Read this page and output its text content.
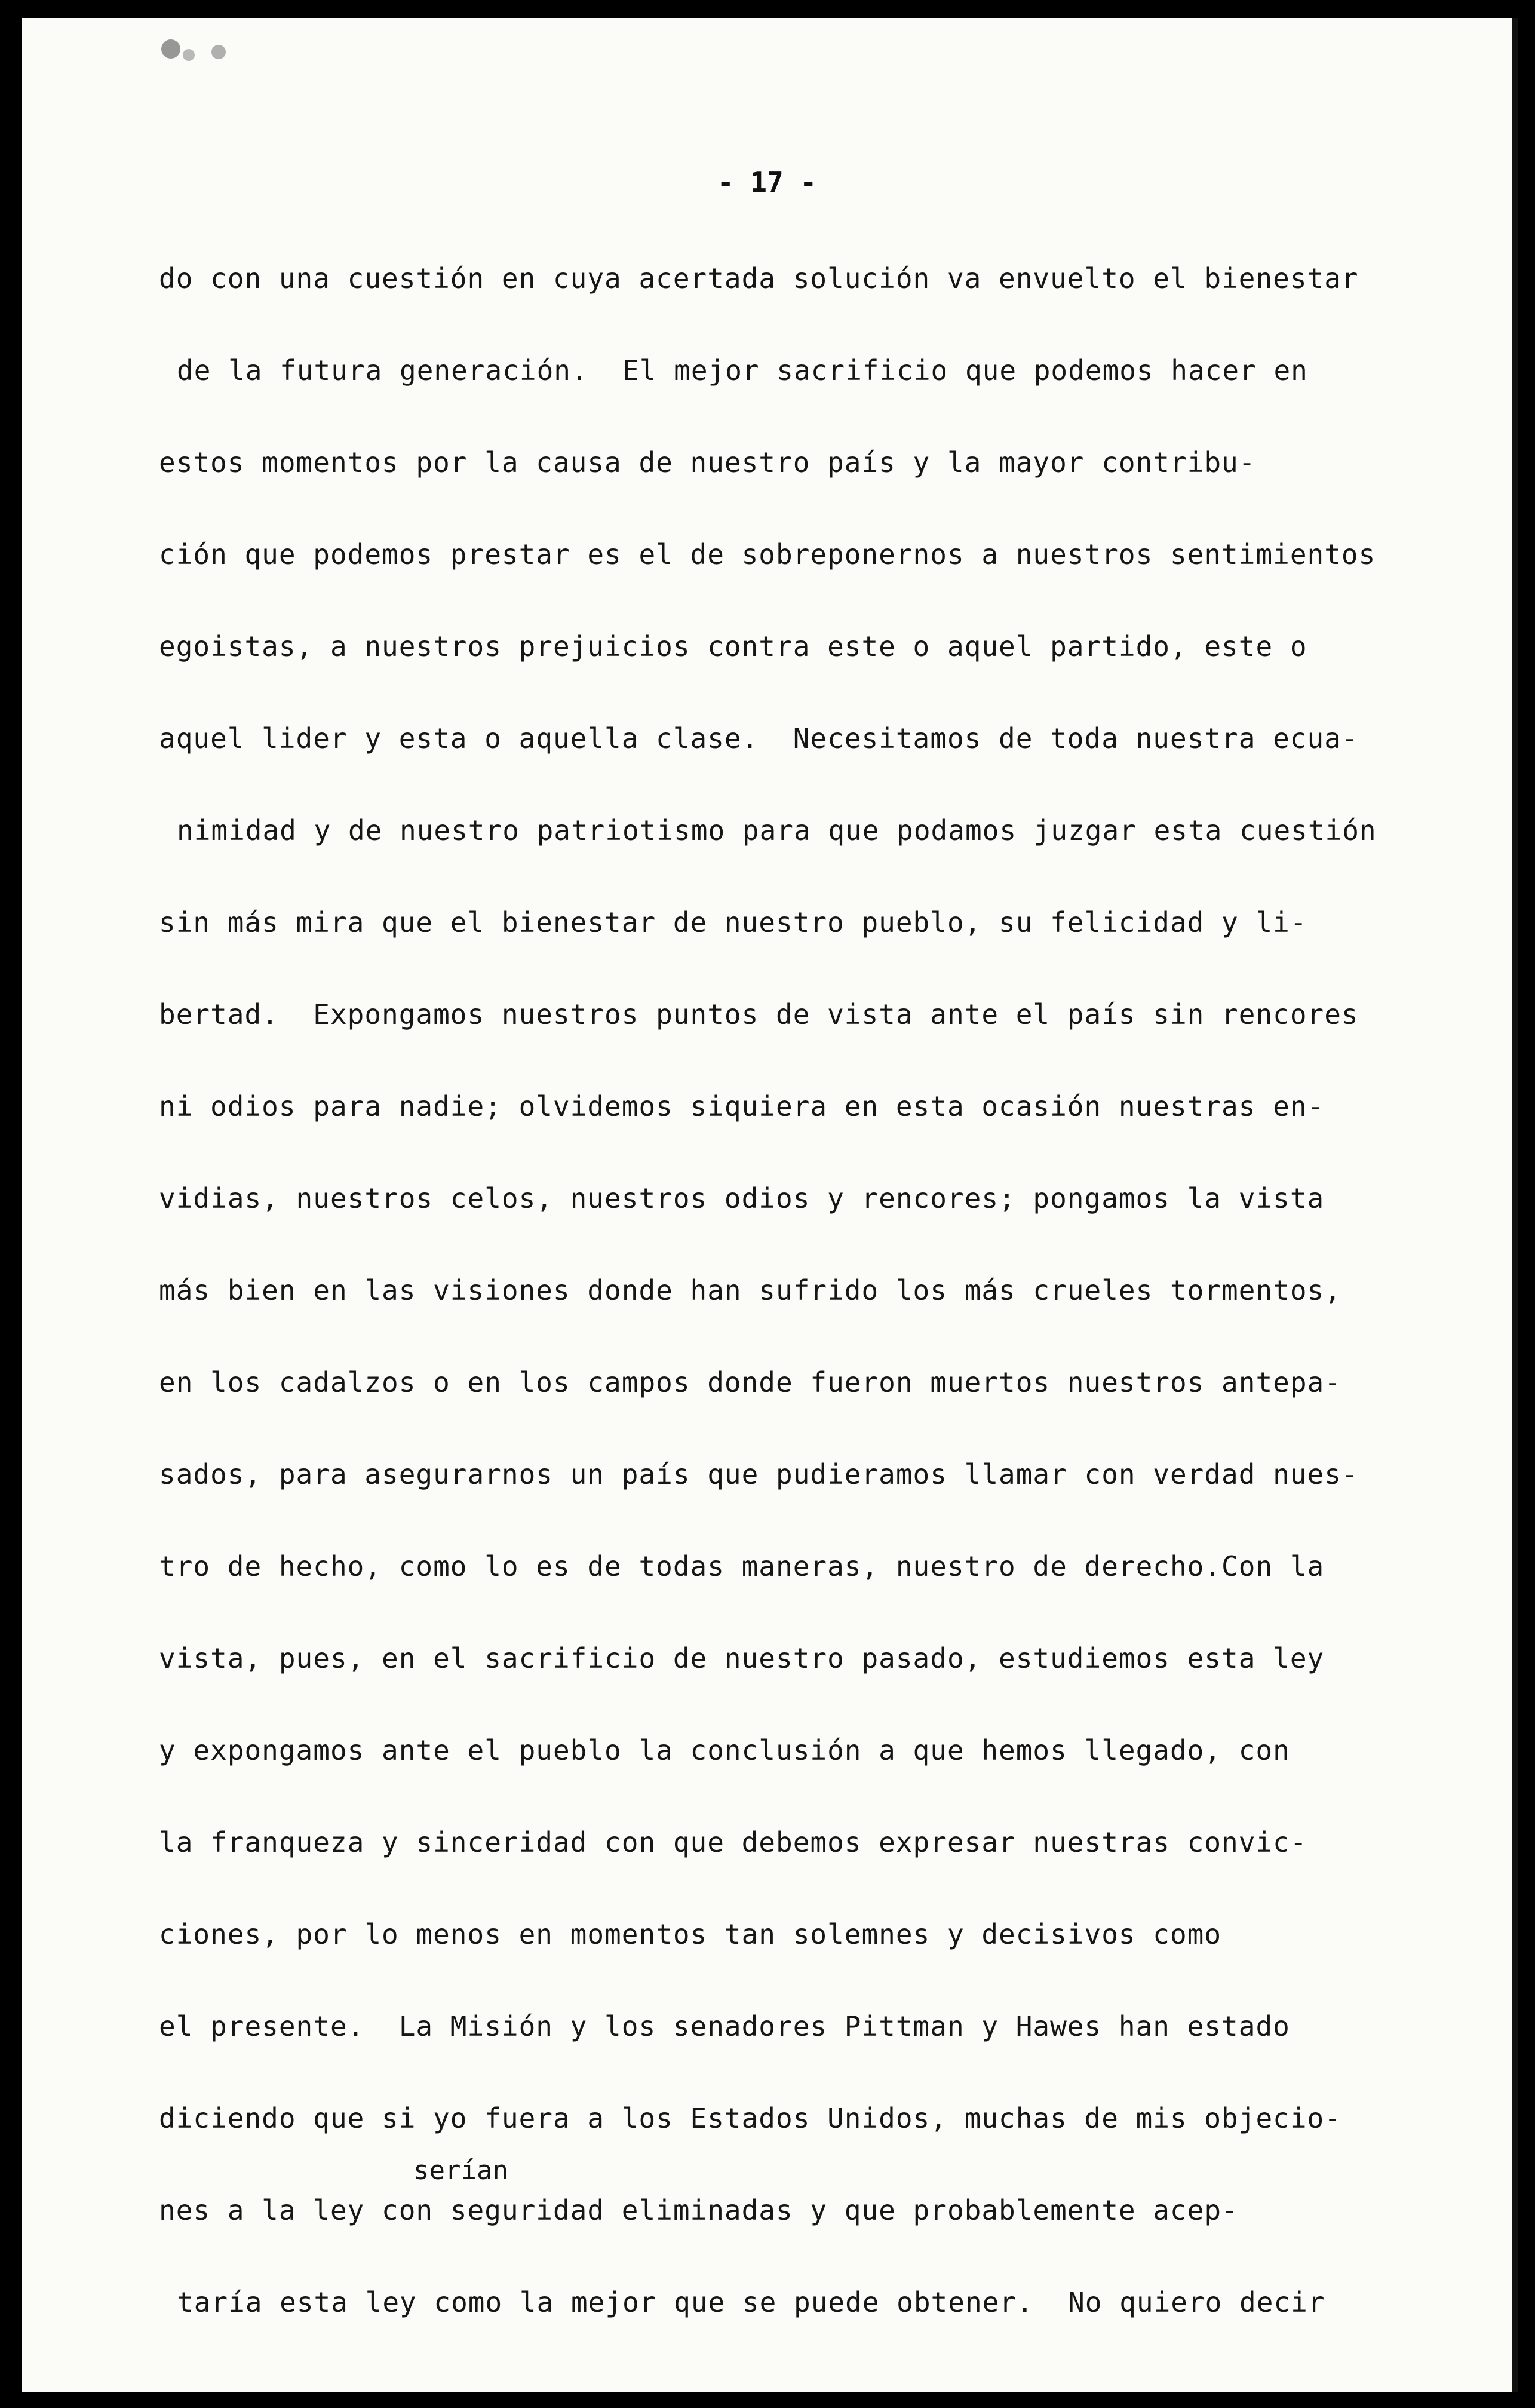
- 17 -
do con una cuestión en cuya acertada solución va envuelto el bienestar
de la futura generación.  El mejor sacrificio que podemos hacer en
estos momentos por la causa de nuestro país y la mayor contribu-
ción que podemos prestar es el de sobreponernos a nuestros sentimientos
egoistas, a nuestros prejuicios contra este o aquel partido, este o
aquel lider y esta o aquella clase.  Necesitamos de toda nuestra ecua-
nimidad y de nuestro patriotismo para que podamos juzgar esta cuestión
sin más mira que el bienestar de nuestro pueblo, su felicidad y li-
bertad.  Expongamos nuestros puntos de vista ante el país sin rencores
ni odios para nadie; olvidemos siquiera en esta ocasión nuestras en-
vidias, nuestros celos, nuestros odios y rencores; pongamos la vista
más bien en las visiones donde han sufrido los más crueles tormentos,
en los cadalzos o en los campos donde fueron muertos nuestros antepa-
sados, para asegurarnos un país que pudieramos llamar con verdad nues-
tro de hecho, como lo es de todas maneras, nuestro de derecho.Con la
vista, pues, en el sacrificio de nuestro pasado, estudiemos esta ley
y expongamos ante el pueblo la conclusión a que hemos llegado, con
la franqueza y sinceridad con que debemos expresar nuestras convic-
ciones, por lo menos en momentos tan solemnes y decisivos como
el presente.  La Misión y los senadores Pittman y Hawes han estado
diciendo que si yo fuera a los Estados Unidos, muchas de mis objecio-
nes a la ley con seguridad eliminadas y que probablemente acep-
taría esta ley como la mejor que se puede obtener.  No quiero decir
serían
